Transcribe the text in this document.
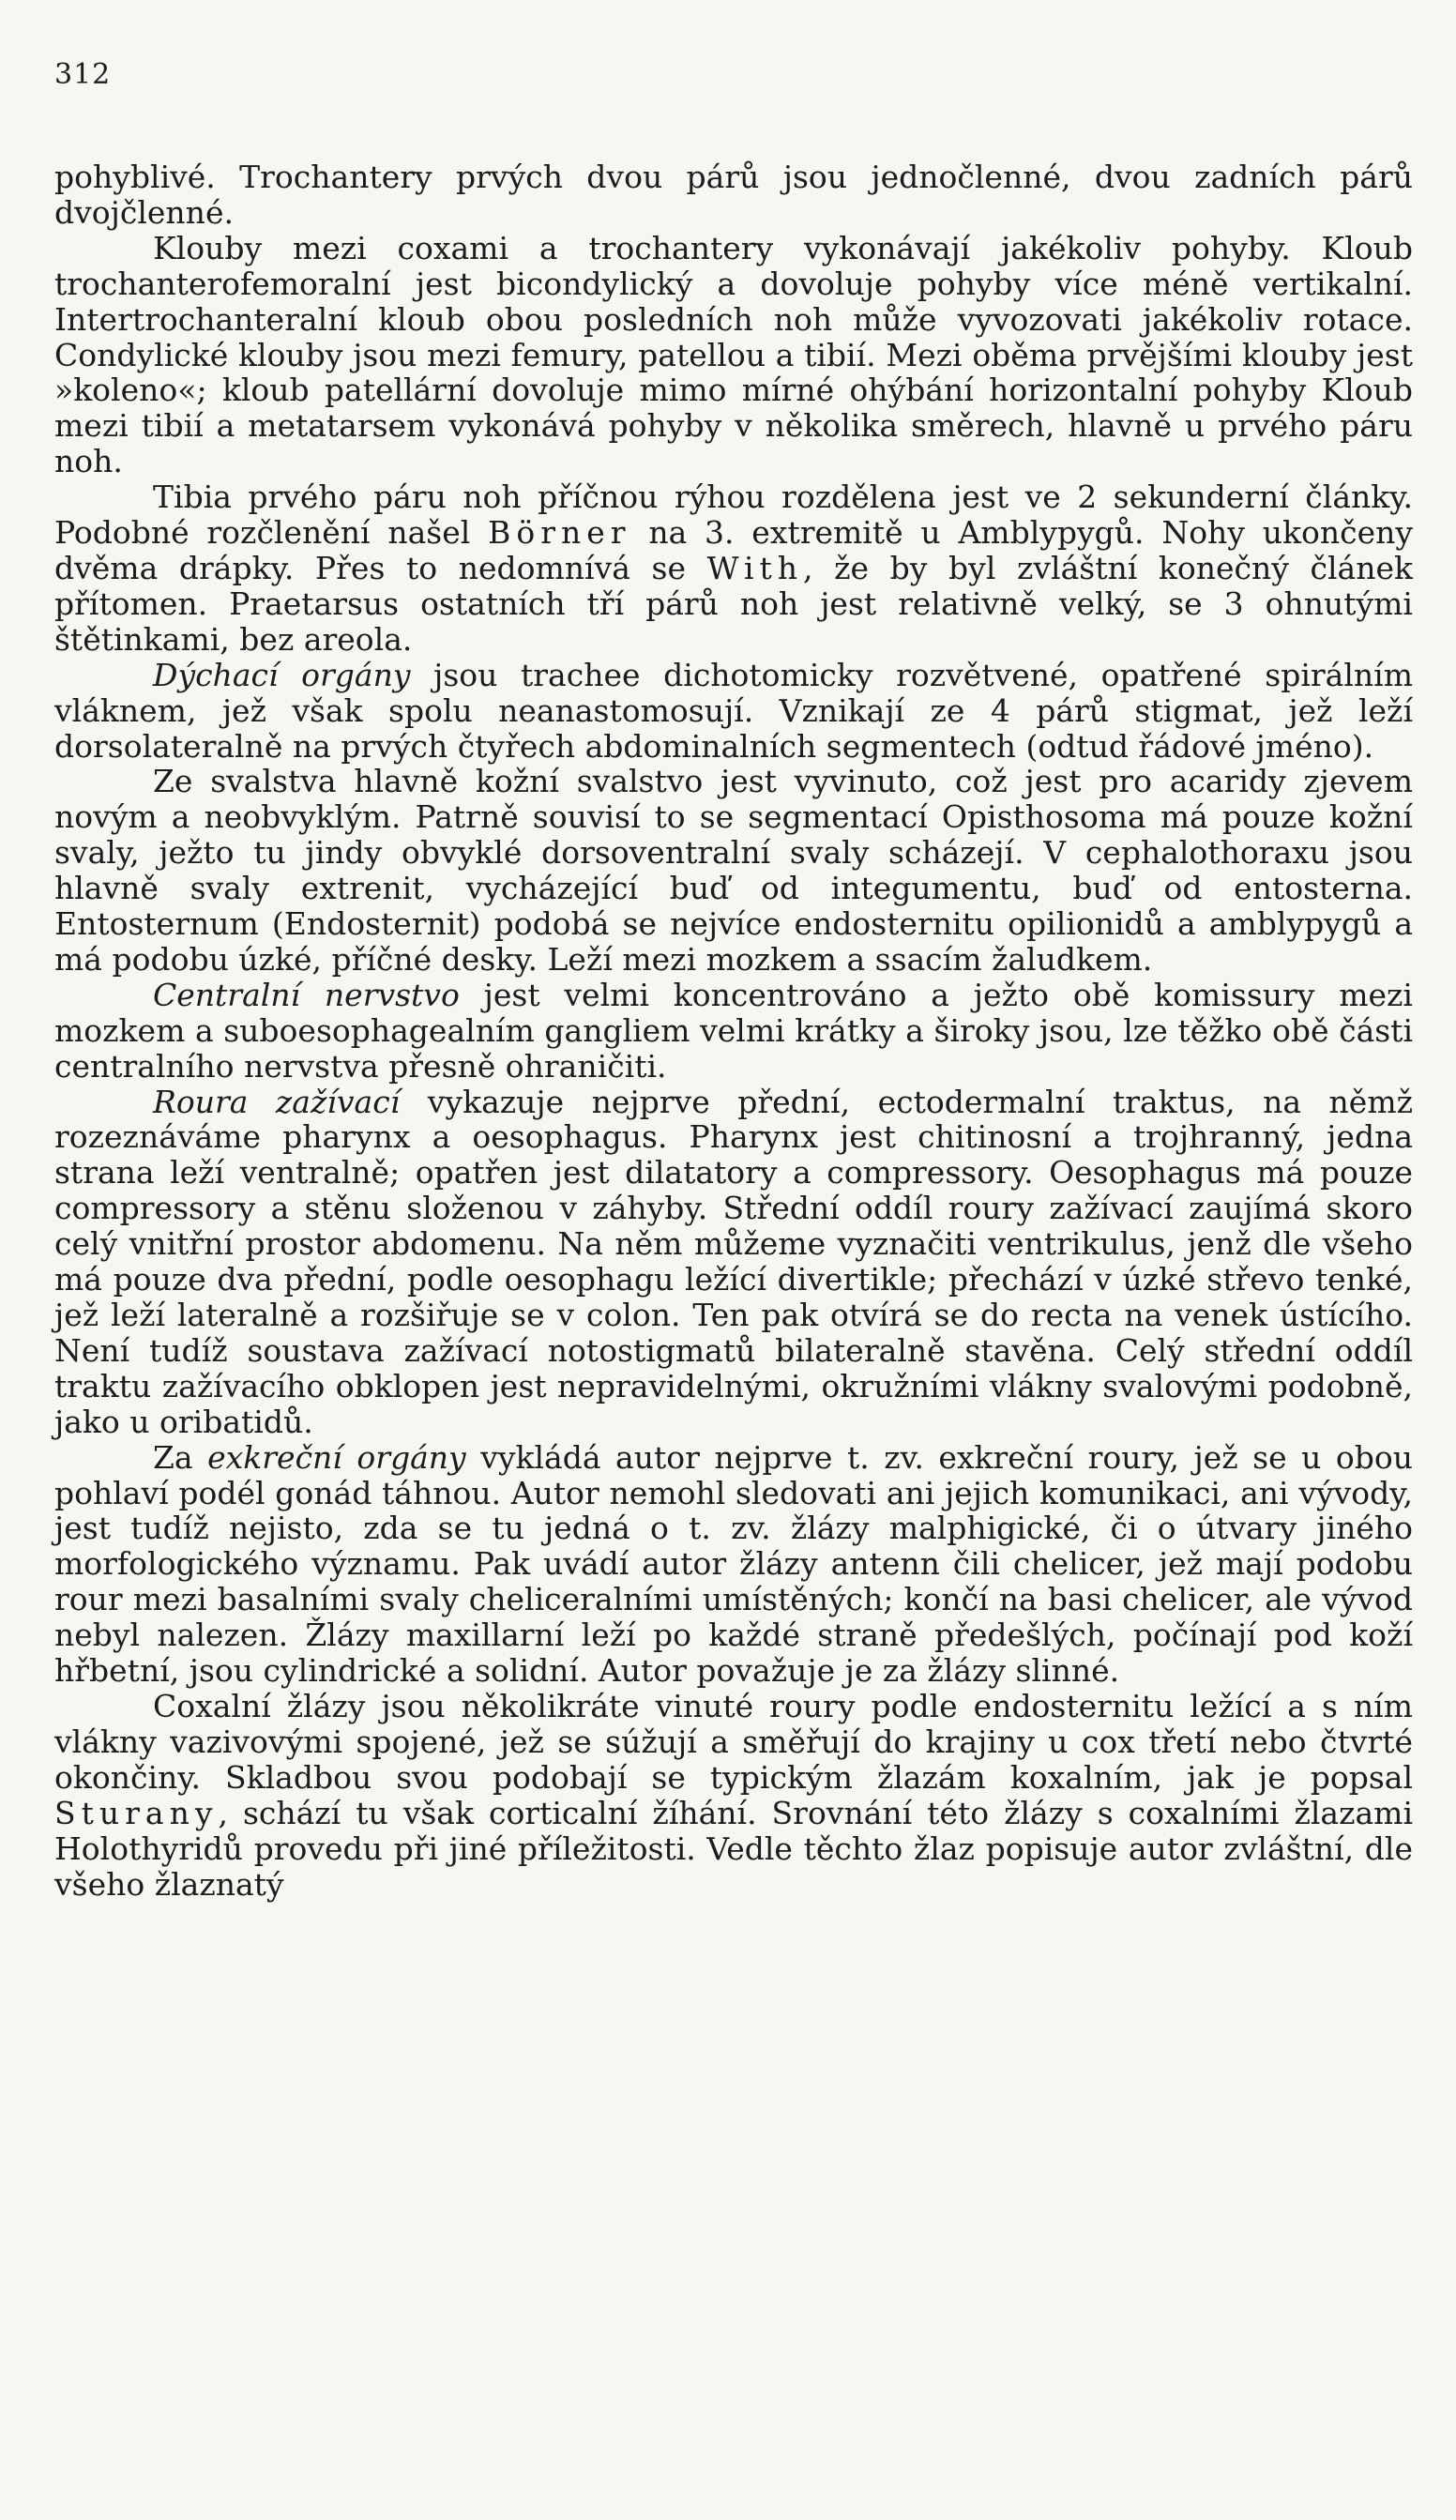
312

pohyblivé. Trochantery prvých dvou párů jsou jednočlenné, dvou zadních párů dvojčlenné.

Klouby mezi coxami a trochantery vykonávají jakékoliv pohyby. Kloub trochanterofemoralní jest bicondylický a dovoluje pohyby více méně vertikalní. Intertrochanteralní kloub obou posledních noh může vyvozovati jakékoliv rotace. Condylické klouby jsou mezi femury, patellou a tibií. Mezi oběma prvějšími klouby jest »koleno«; kloub patellární dovoluje mimo mírné ohýbání horizontalní pohyby Kloub mezi tibií a metatarsem vykonává pohyby v několika směrech, hlavně u prvého páru noh.

Tibia prvého páru noh příčnou rýhou rozdělena jest ve 2 sekunderní články. Podobné rozčlenění našel Börner na 3. extremitě u Amblypygů. Nohy ukončeny dvěma drápky. Přes to nedomnívá se With, že by byl zvláštní konečný článek přítomen. Praetarsus ostatních tří párů noh jest relativně velký, se 3 ohnutými štětinkami, bez areola.

Dýchací orgány jsou trachee dichotomicky rozvětvené, opatřené spirálním vláknem, jež však spolu neanastomosují. Vznikají ze 4 párů stigmat, jež leží dorsolateralně na prvých čtyřech abdominalních segmentech (odtud řádové jméno).

Ze svalstva hlavně kožní svalstvo jest vyvinuto, což jest pro acaridy zjevem novým a neobvyklým. Patrně souvisí to se segmentací Opisthosoma má pouze kožní svaly, ježto tu jindy obvyklé dorsoventralní svaly scházejí. V cephalothoraxu jsou hlavně svaly extrenit, vycházející buď od integumentu, buď od entosterna. Entosternum (Endosternit) podobá se nejvíce endosternitu opilionidů a amblypygů a má podobu úzké, příčné desky. Leží mezi mozkem a ssacím žaludkem.

Centralní nervstvo jest velmi koncentrováno a ježto obě komissury mezi mozkem a suboesophagealním gangliem velmi krátky a široky jsou, lze těžko obě části centralního nervstva přesně ohraničiti.

Roura zažívací vykazuje nejprve přední, ectodermalní traktus, na němž rozeznáváme pharynx a oesophagus. Pharynx jest chitinosní a trojhranný, jedna strana leží ventralně; opatřen jest dilatatory a compressory. Oesophagus má pouze compressory a stěnu složenou v záhyby. Střední oddíl roury zažívací zaujímá skoro celý vnitřní prostor abdomenu. Na něm můžeme vyznačiti ventrikulus, jenž dle všeho má pouze dva přední, podle oesophagu ležící divertikle; přechází v úzké střevo tenké, jež leží lateralně a rozšiřuje se v colon. Ten pak otvírá se do recta na venek ústícího. Není tudíž soustava zažívací notostigmatů bilateralně stavěna. Celý střední oddíl traktu zažívacího obklopen jest nepravidelnými, okružními vlákny svalovými podobně, jako u oribatidů.

Za exkreční orgány vykládá autor nejprve t. zv. exkreční roury, jež se u obou pohlaví podél gonád táhnou. Autor nemohl sledovati ani jejich komunikaci, ani vývody, jest tudíž nejisto, zda se tu jedná o t. zv. žlázy malphigické, či o útvary jiného morfologického významu. Pak uvádí autor žlázy antenn čili chelicer, jež mají podobu rour mezi basalními svaly cheliceralními umístěných; končí na basi chelicer, ale vývod nebyl nalezen. Žlázy maxillarní leží po každé straně předešlých, počínají pod koží hřbetní, jsou cylindrické a solidní. Autor považuje je za žlázy slinné.

Coxalní žlázy jsou několikráte vinuté roury podle endosternitu ležící a s ním vlákny vazivovými spojené, jež se súžují a směřují do krajiny u cox třetí nebo čtvrté okončiny. Skladbou svou podobají se typickým žlazám koxalním, jak je popsal Sturany, schází tu však corticalní žíhání. Srovnání této žlázy s coxalními žlazami Holothyridů provedu při jiné příležitosti. Vedle těchto žlaz popisuje autor zvláštní, dle všeho žlaznatý
